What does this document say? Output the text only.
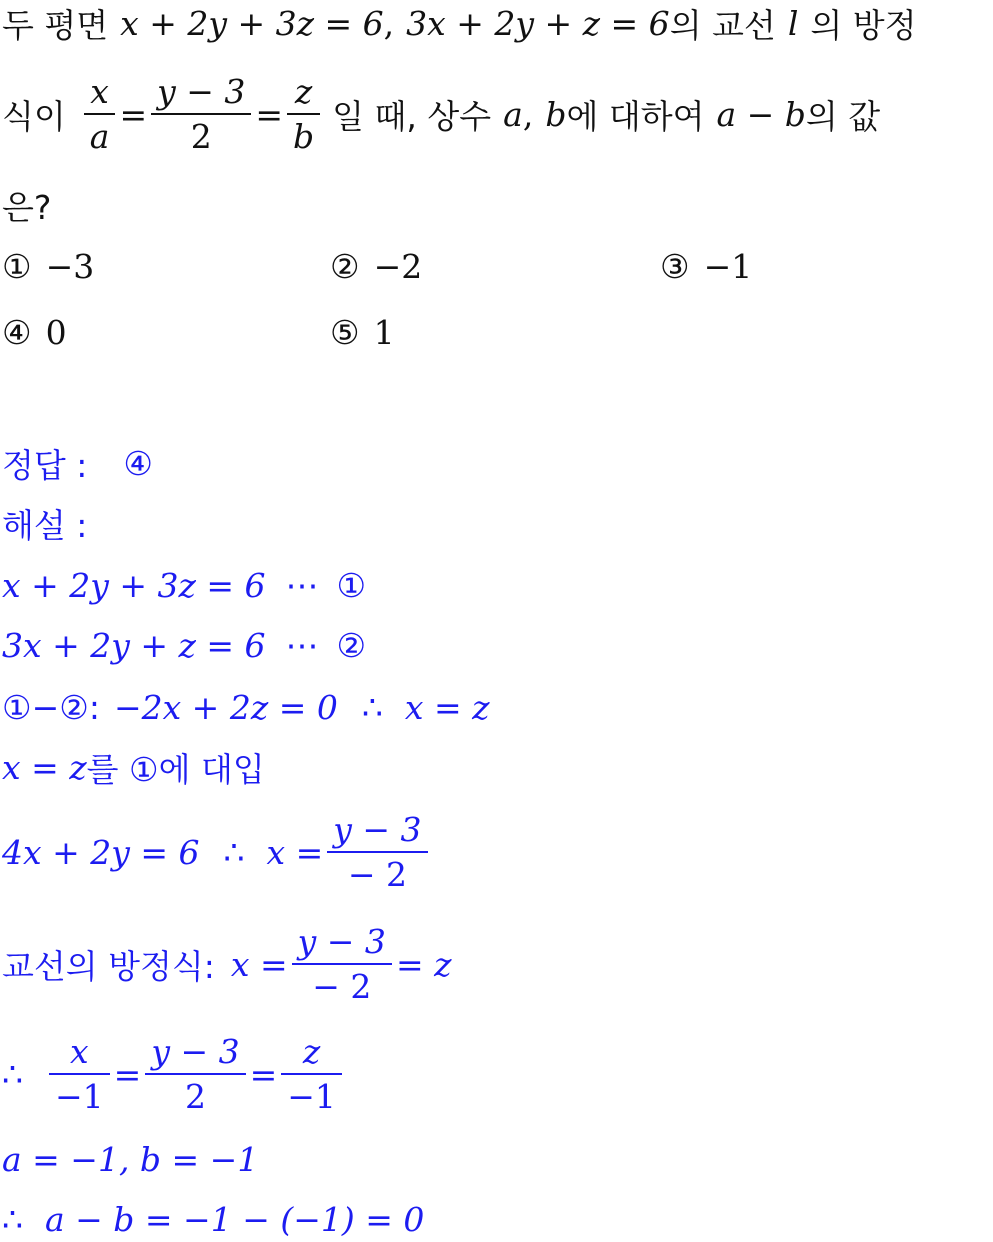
두 평면 x + 2y + 3z = 6 , 3x + 2y + z = 6 의 교선 l 의 방정
식이 $\frac{x}{a} = \frac{y - 3}{2} = \frac{z}{b}$ 일 때, 상수 a , b 에 대하여 a − b 의 값
은?
① −3	② −2	③ −1
④ 0	⑤ 1
정답 : ④
해설 :
x + 2y + 3z = 6 ⋯ ①
3x + 2y + z = 6 ⋯ ②
①−②: −2x + 2z = 0 ∴ x = z
x = z 를 ①에 대입
4x + 2y = 6 ∴ $x = \frac{y - 3}{- 2}$
교선의 방정식: $x = \frac{y - 3}{- 2} = z$
∴ $\frac{x}{-1} = \frac{y - 3}{2} = \frac{z}{-1}$
a = −1, b = −1
∴ a − b = −1 − (−1) = 0
